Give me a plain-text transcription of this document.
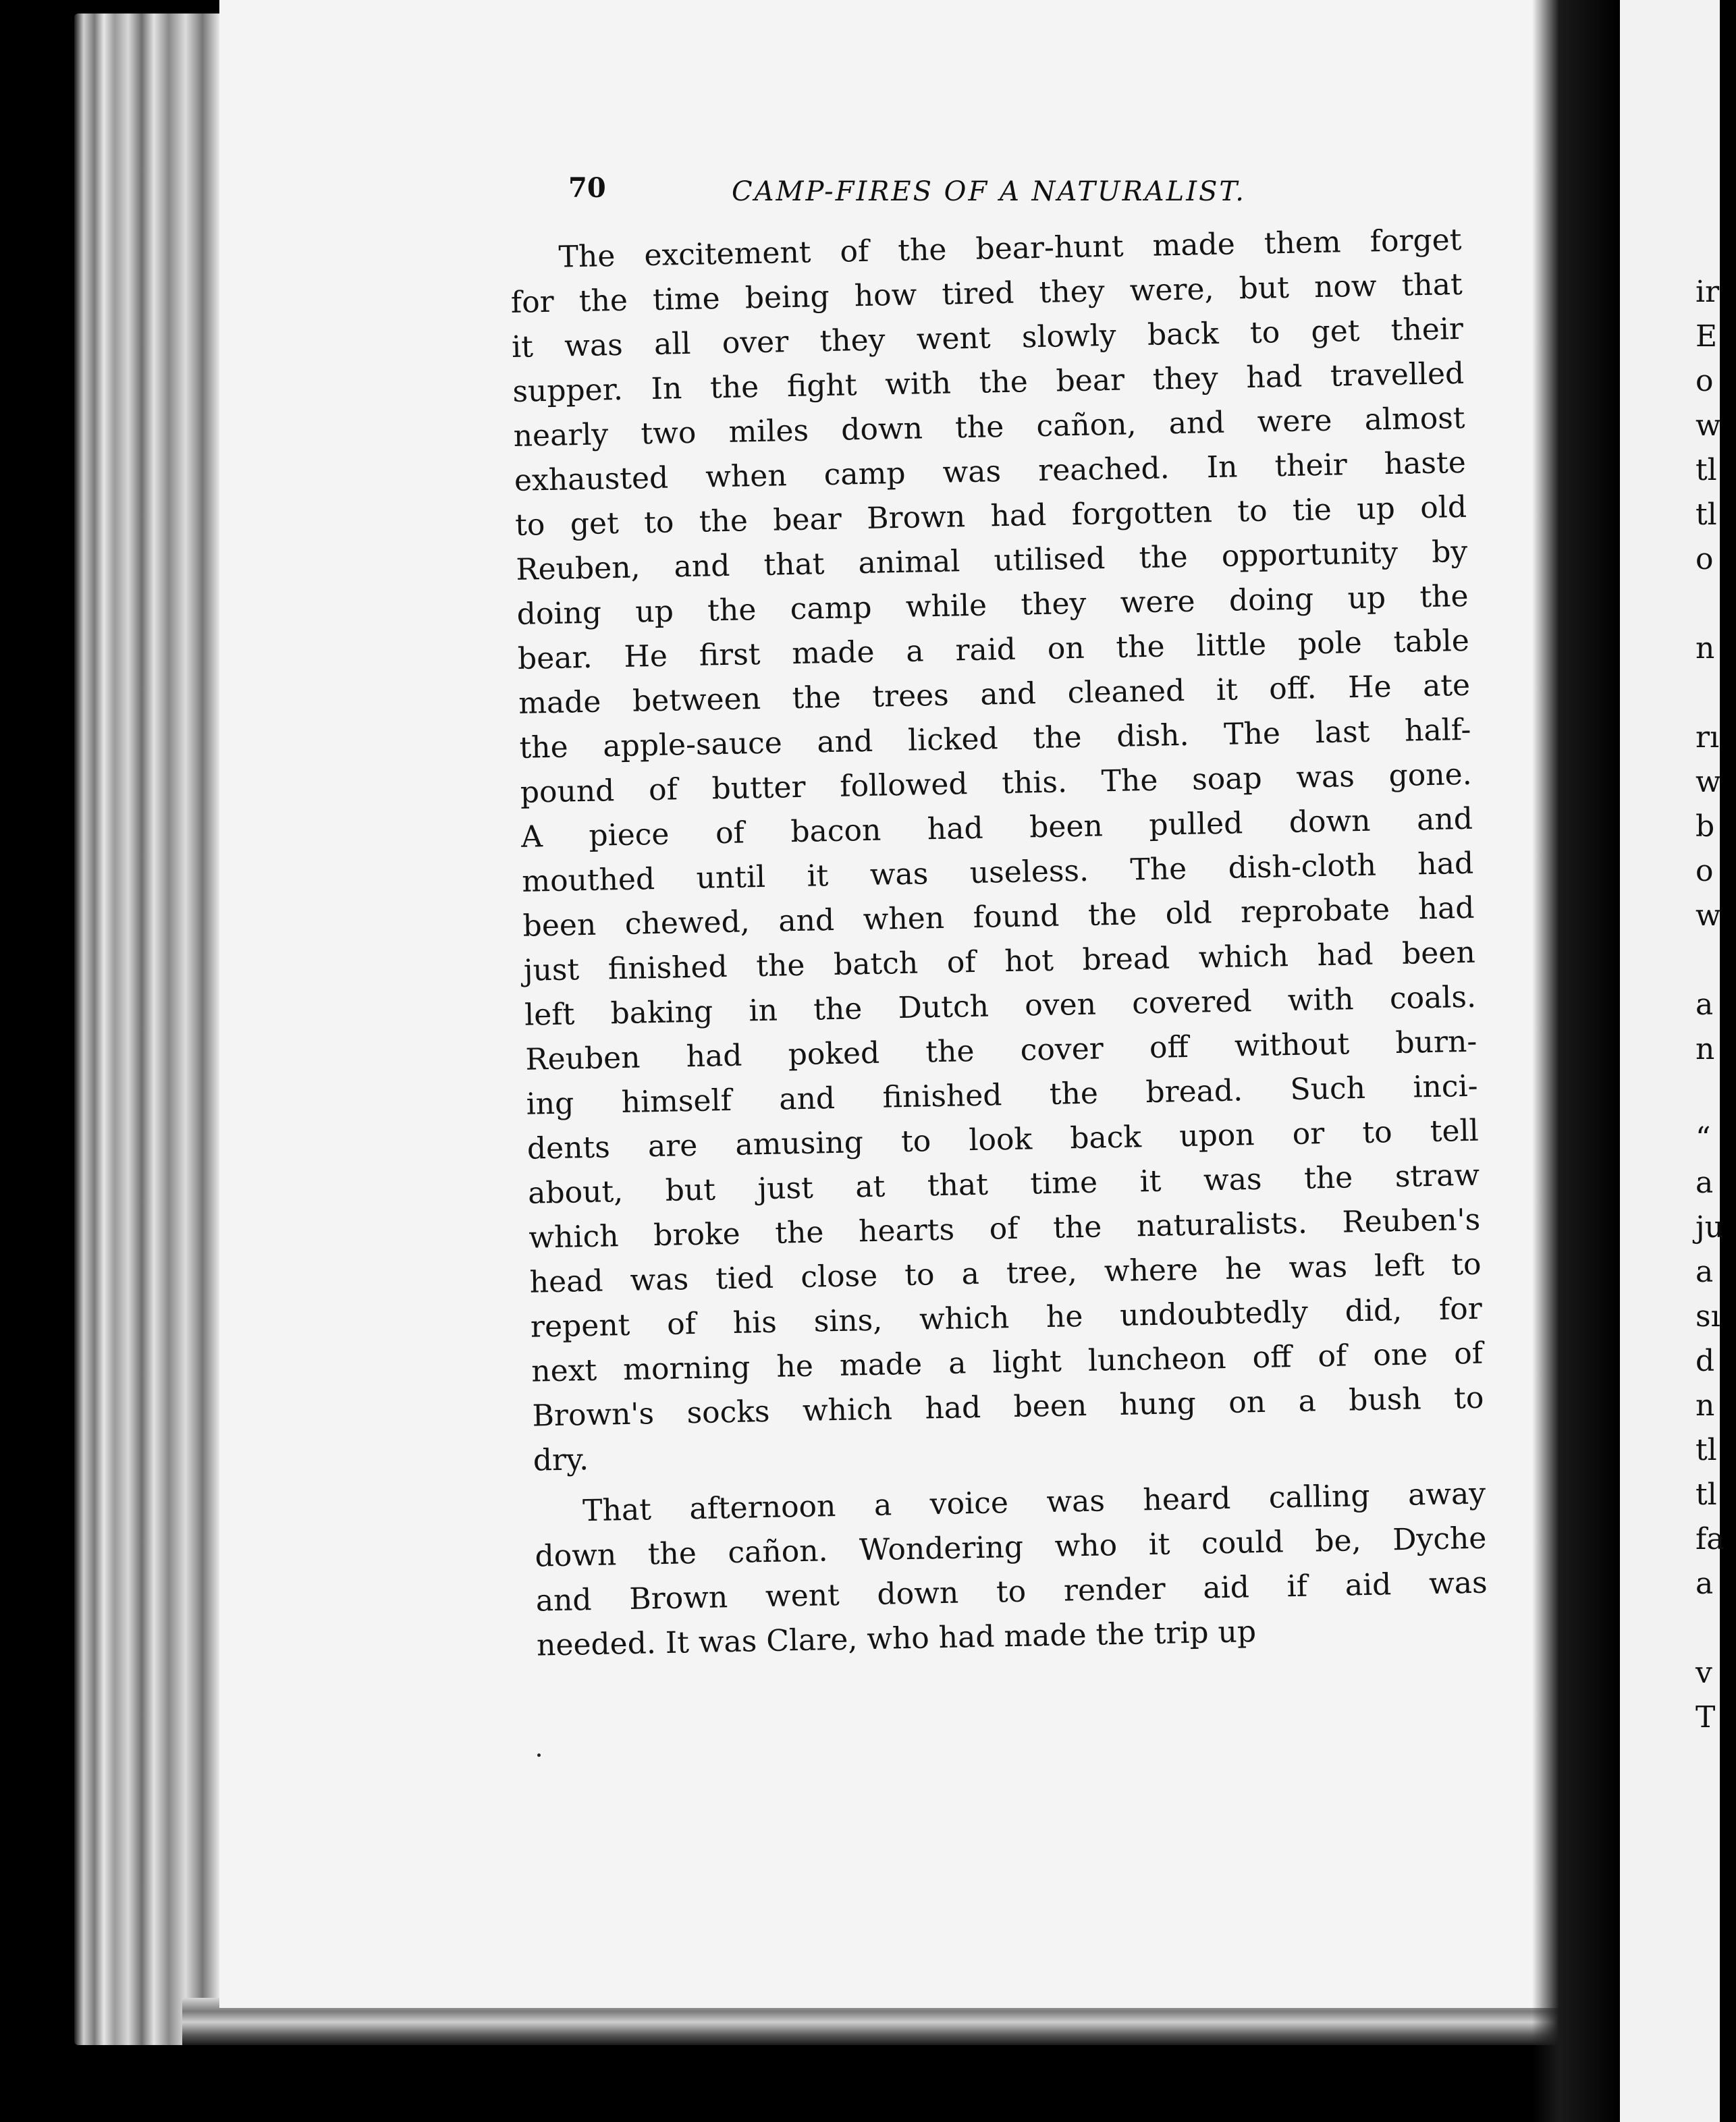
ir
E
o
w
tl
tl
o
n
rı
w
b
o
w
a
n
“
a
ju
a
sı
d
n
tl
tl
fa
a
v
T
70	CAMP-FIRES OF A NATURALIST.
The excitement of the bear-hunt made them forget
for the time being how tired they were, but now that
it was all over they went slowly back to get their
supper. In the fight with the bear they had travelled
nearly two miles down the cañon, and were almost
exhausted when camp was reached. In their haste
to get to the bear Brown had forgotten to tie up old
Reuben, and that animal utilised the opportunity by
doing up the camp while they were doing up the
bear. He first made a raid on the little pole table
made between the trees and cleaned it off. He ate
the apple-sauce and licked the dish. The last half-
pound of butter followed this. The soap was gone.
A piece of bacon had been pulled down and
mouthed until it was useless. The dish-cloth had
been chewed, and when found the old reprobate had
just finished the batch of hot bread which had been
left baking in the Dutch oven covered with coals.
Reuben had poked the cover off without burn-
ing himself and finished the bread. Such inci-
dents are amusing to look back upon or to tell
about, but just at that time it was the straw
which broke the hearts of the naturalists. Reuben's
head was tied close to a tree, where he was left to
repent of his sins, which he undoubtedly did, for
next morning he made a light luncheon off of one of
Brown's socks which had been hung on a bush to
dry.
That afternoon a voice was heard calling away
down the cañon. Wondering who it could be, Dyche
and Brown went down to render aid if aid was
needed. It was Clare, who had made the trip up
